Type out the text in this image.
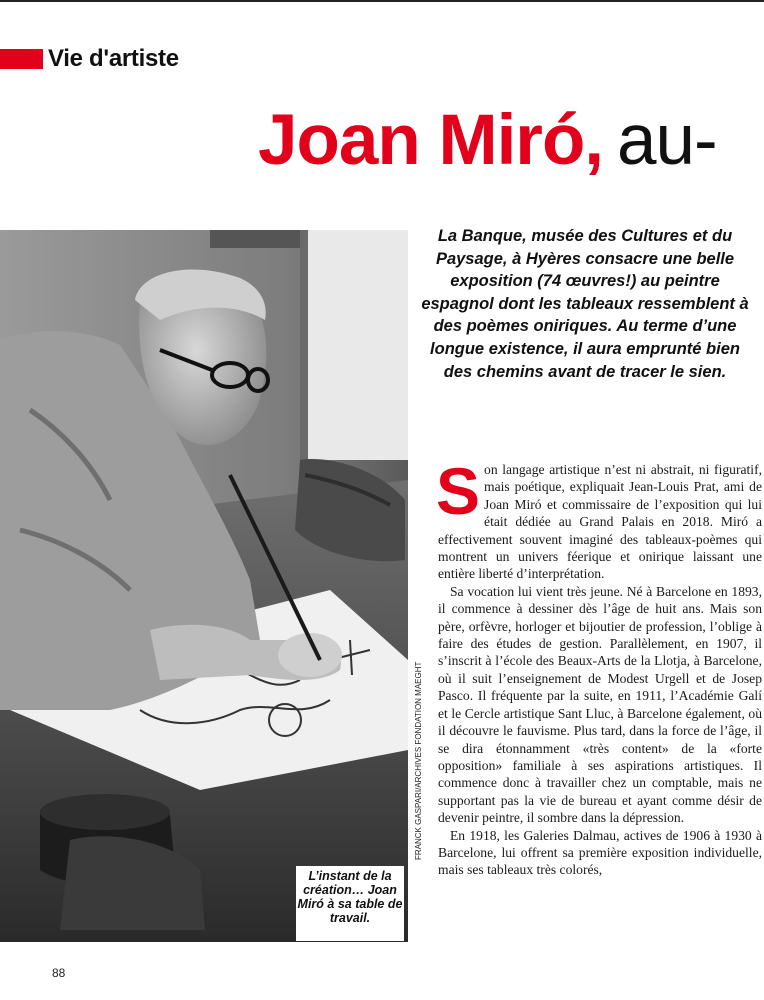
Vie d'artiste
Joan Miró, au-
La Banque, musée des Cultures et du Paysage, à Hyères consacre une belle exposition (74 œuvres!) au peintre espagnol dont les tableaux ressemblent à des poèmes oniriques. Au terme d’une longue existence, il aura emprunté bien des chemins avant de tracer le sien.
FRANCK GASPARI/ARCHIVES FONDATION MAEGHT
L’instant de la création… Joan Miró à sa table de travail.

Son langage artistique n’est ni abstrait, ni figuratif, mais poétique, expliquait Jean-Louis Prat, ami de Joan Miró et commissaire de l’exposition qui lui était dédiée au Grand Palais en 2018. Miró a effectivement souvent imaginé des tableaux-poèmes qui montrent un univers féerique et onirique laissant une entière liberté d’interprétation.

Sa vocation lui vient très jeune. Né à Barcelone en 1893, il commence à dessiner dès l’âge de huit ans. Mais son père, orfèvre, horloger et bijoutier de profession, l’oblige à faire des études de gestion. Parallèlement, en 1907, il s’inscrit à l’école des Beaux-Arts de la Llotja, à Barcelone, où il suit l’enseignement de Modest Urgell et de Josep Pasco. Il fréquente par la suite, en 1911, l’Académie Galí et le Cercle artistique Sant Lluc, à Barcelone également, où il découvre le fauvisme. Plus tard, dans la force de l’âge, il se dira étonnamment «très content» de la «forte opposition» familiale à ses aspirations artistiques. Il commence donc à travailler chez un comptable, mais ne supportant pas la vie de bureau et ayant comme désir de devenir peintre, il sombre dans la dépression.

En 1918, les Galeries Dalmau, actives de 1906 à 1930 à Barcelone, lui offrent sa première exposition individuelle, mais ses tableaux très colorés,

88
